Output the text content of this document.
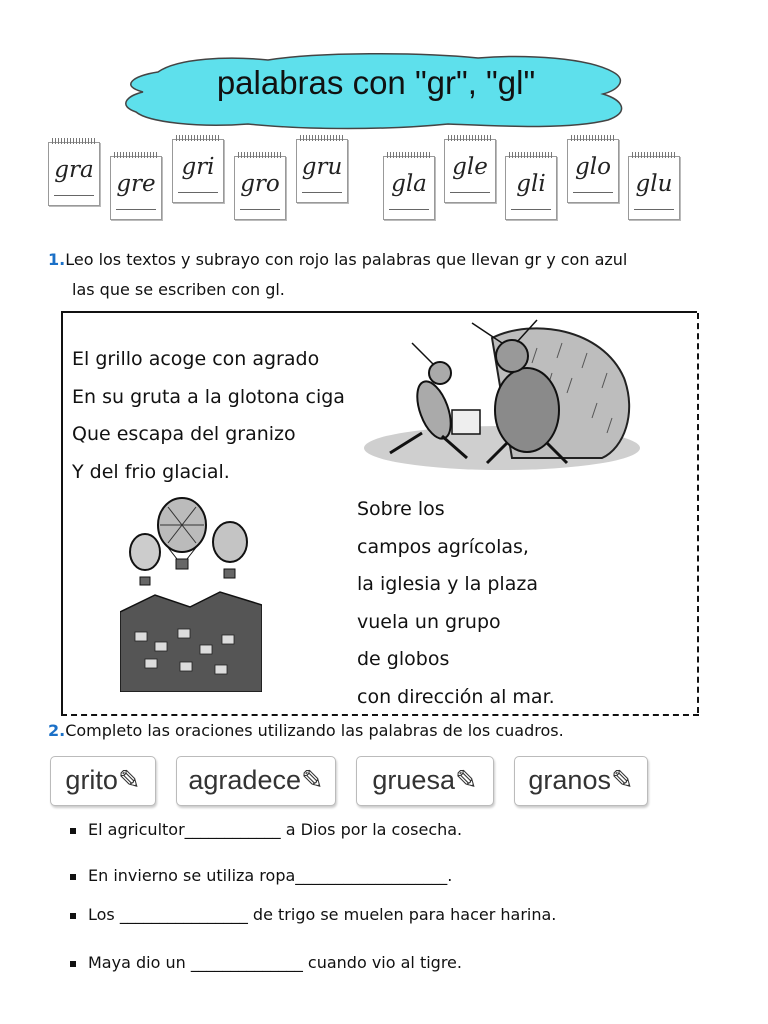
palabras con "gr", "gl"
gra
gre
gri
gro
gru
gla
gle
gli
glo
glu
1.Leo los textos y subrayo con rojo las palabras que llevan gr y con azul
las que se escriben con gl.
El grillo acoge con agrado
En su gruta a la glotona ciga
Que escapa del granizo
Y del frio glacial.
Sobre los
campos agrícolas,
la iglesia y la plaza
vuela un grupo
de globos
con dirección al mar.
2.Completo las oraciones utilizando las palabras de los cuadros.
grito✎	agradece✎	gruesa✎	granos✎
El agricultor____________ a Dios por la cosecha.
En invierno se utiliza ropa___________________.
Los ________________ de trigo se muelen para hacer harina.
Maya dio un ______________ cuando vio al tigre.
